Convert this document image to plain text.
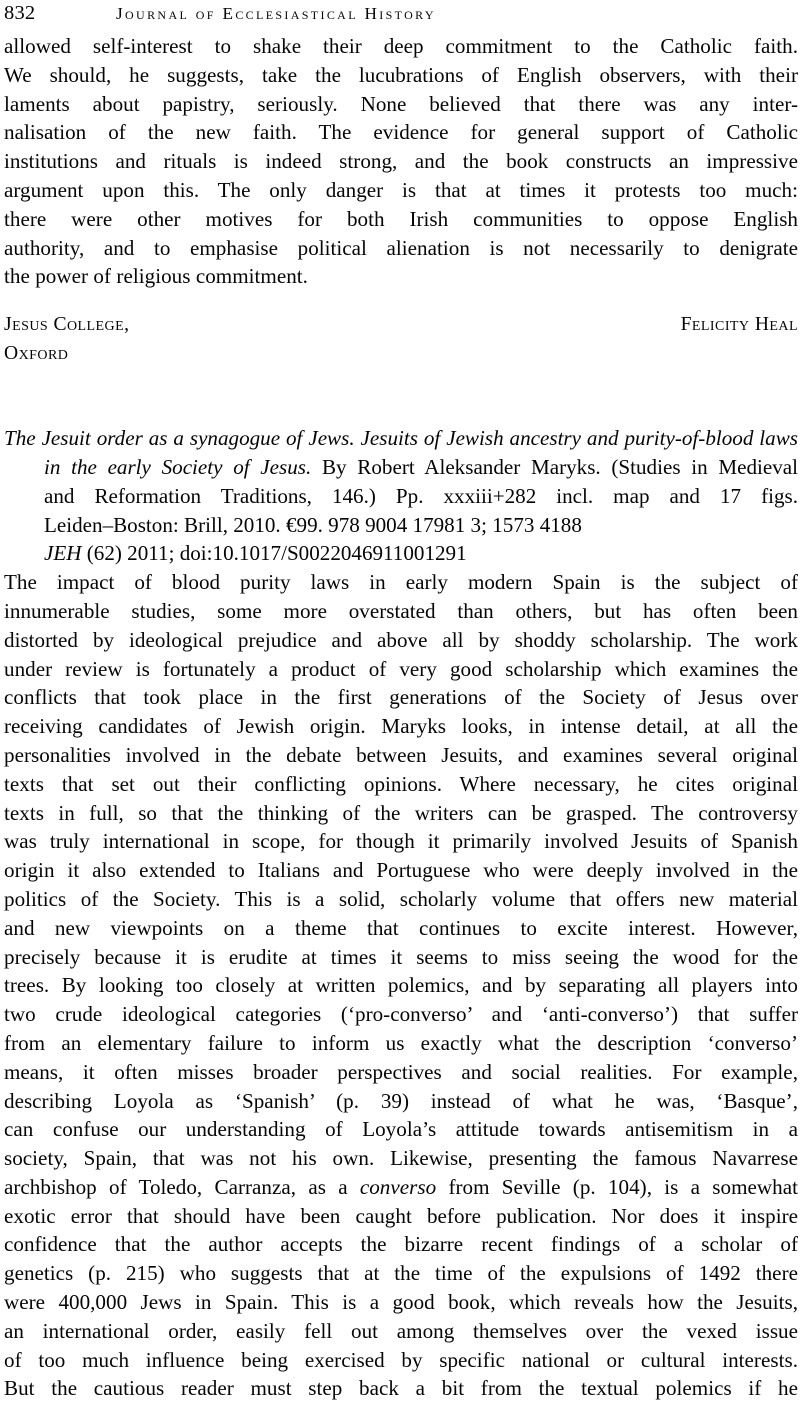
832	Journal of Ecclesiastical History
allowed self-interest to shake their deep commitment to the Catholic faith.
We should, he suggests, take the lucubrations of English observers, with their
laments about papistry, seriously. None believed that there was any inter-
nalisation of the new faith. The evidence for general support of Catholic
institutions and rituals is indeed strong, and the book constructs an impressive
argument upon this. The only danger is that at times it protests too much:
there were other motives for both Irish communities to oppose English
authority, and to emphasise political alienation is not necessarily to denigrate
the power of religious commitment.
Jesus College,	Felicity Heal
Oxford
The Jesuit order as a synagogue of Jews. Jesuits of Jewish ancestry and purity-of-blood laws
in the early Society of Jesus. By Robert Aleksander Maryks. (Studies in Medieval
and Reformation Traditions, 146.) Pp. xxxiii+282 incl. map and 17 figs.
Leiden–Boston: Brill, 2010. €99. 978 9004 17981 3; 1573 4188
JEH (62) 2011; doi:10.1017/S0022046911001291
The impact of blood purity laws in early modern Spain is the subject of
innumerable studies, some more overstated than others, but has often been
distorted by ideological prejudice and above all by shoddy scholarship. The work
under review is fortunately a product of very good scholarship which examines the
conflicts that took place in the first generations of the Society of Jesus over
receiving candidates of Jewish origin. Maryks looks, in intense detail, at all the
personalities involved in the debate between Jesuits, and examines several original
texts that set out their conflicting opinions. Where necessary, he cites original
texts in full, so that the thinking of the writers can be grasped. The controversy
was truly international in scope, for though it primarily involved Jesuits of Spanish
origin it also extended to Italians and Portuguese who were deeply involved in the
politics of the Society. This is a solid, scholarly volume that offers new material
and new viewpoints on a theme that continues to excite interest. However,
precisely because it is erudite at times it seems to miss seeing the wood for the
trees. By looking too closely at written polemics, and by separating all players into
two crude ideological categories (‘pro-converso’ and ‘anti-converso’) that suffer
from an elementary failure to inform us exactly what the description ‘converso’
means, it often misses broader perspectives and social realities. For example,
describing Loyola as ‘Spanish’ (p. 39) instead of what he was, ‘Basque’,
can confuse our understanding of Loyola’s attitude towards antisemitism in a
society, Spain, that was not his own. Likewise, presenting the famous Navarrese
archbishop of Toledo, Carranza, as a converso from Seville (p. 104), is a somewhat
exotic error that should have been caught before publication. Nor does it inspire
confidence that the author accepts the bizarre recent findings of a scholar of
genetics (p. 215) who suggests that at the time of the expulsions of 1492 there
were 400,000 Jews in Spain. This is a good book, which reveals how the Jesuits,
an international order, easily fell out among themselves over the vexed issue
of too much influence being exercised by specific national or cultural interests.
But the cautious reader must step back a bit from the textual polemics if he
